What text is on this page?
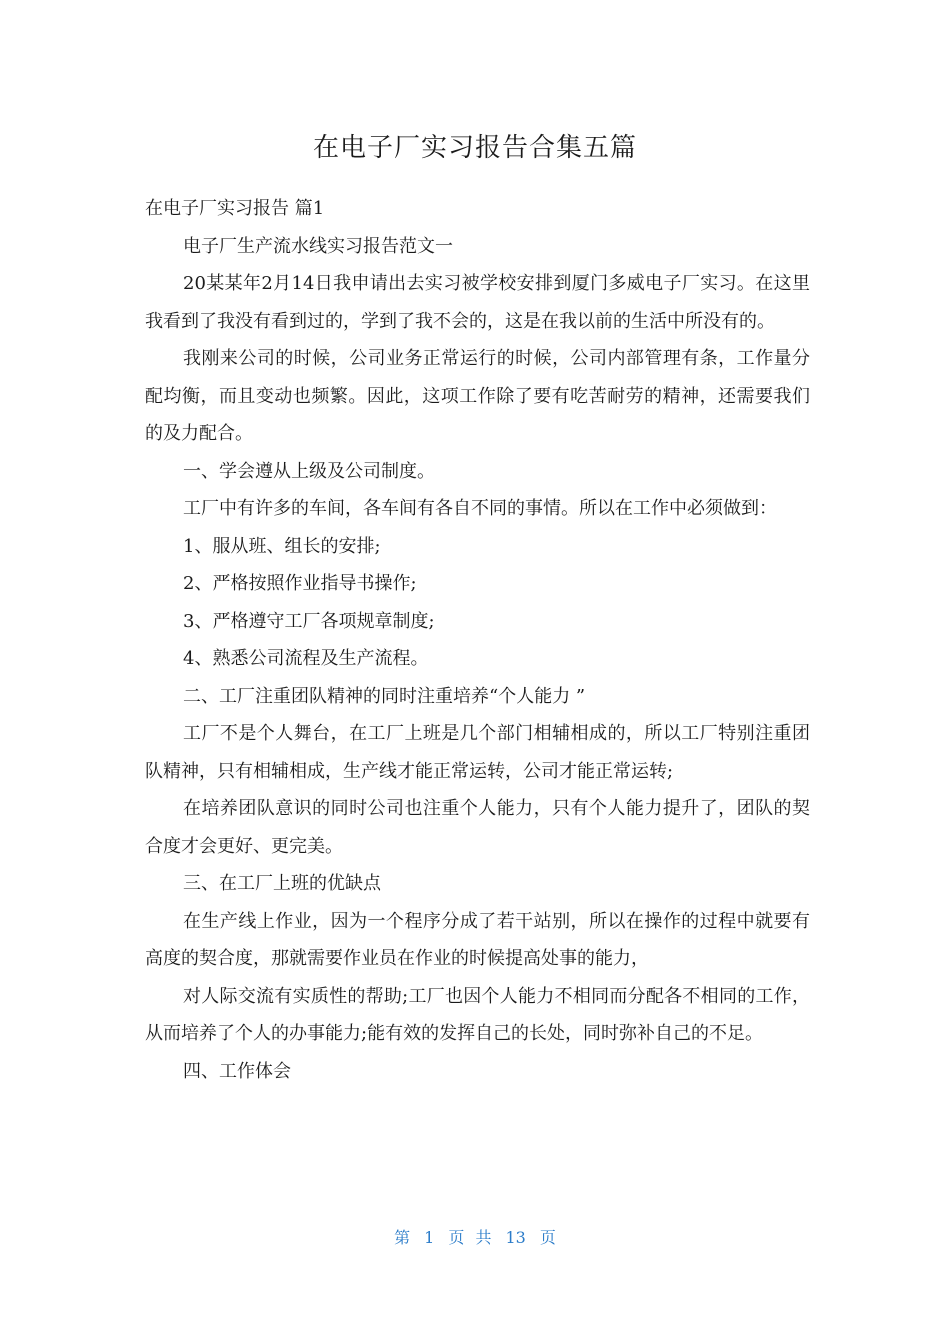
在电子厂实习报告合集五篇

在电子厂实习报告 篇1

电子厂生产流水线实习报告范文一

20某某年2月14日我申请出去实习被学校安排到厦门多威电子厂实习。在这里我看到了我没有看到过的，学到了我不会的，这是在我以前的生活中所没有的。

我刚来公司的时候，公司业务正常运行的时候，公司内部管理有条，工作量分配均衡，而且变动也频繁。因此，这项工作除了要有吃苦耐劳的精神，还需要我们的及力配合。

一、学会遵从上级及公司制度。

工厂中有许多的车间，各车间有各自不同的事情。所以在工作中必须做到：

1、服从班、组长的安排;

2、严格按照作业指导书操作;

3、严格遵守工厂各项规章制度;

4、熟悉公司流程及生产流程。

二、工厂注重团队精神的同时注重培养“个人能力 ”

工厂不是个人舞台，在工厂上班是几个部门相辅相成的，所以工厂特别注重团队精神，只有相辅相成，生产线才能正常运转，公司才能正常运转;

在培养团队意识的同时公司也注重个人能力，只有个人能力提升了，团队的契合度才会更好、更完美。

三、在工厂上班的优缺点

在生产线上作业，因为一个程序分成了若干站别，所以在操作的过程中就要有高度的契合度，那就需要作业员在作业的时候提高处事的能力，

对人际交流有实质性的帮助;工厂也因个人能力不相同而分配各不相同的工作，从而培养了个人的办事能力;能有效的发挥自己的长处，同时弥补自己的不足。

四、工作体会

第 1 页 共 13 页
